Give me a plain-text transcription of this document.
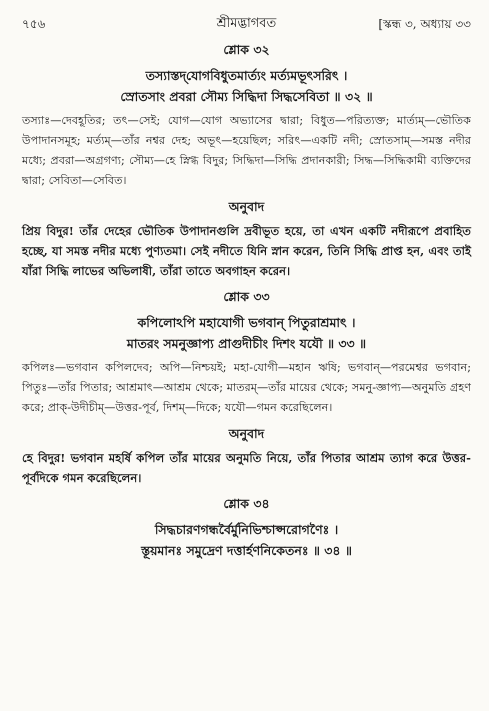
৭৫৬	শ্রীমদ্ভাগবত	[স্কন্ধ ৩, অধ্যায় ৩৩
শ্লোক ৩২
তস্যাস্তদ্‌যোগবিধুতমার্ত্যং মর্ত্যমভূৎসরিৎ ।
স্রোতসাং প্রবরা সৌম্য সিদ্ধিদা সিদ্ধসেবিতা ॥ ৩২ ॥
তস্যাঃ—দেবহূতির; তৎ—সেই; যোগ—যোগ অভ্যাসের দ্বারা; বিধুত—পরিত্যক্ত; মার্ত্যম্—ভৌতিক উপাদানসমূহ; মর্ত্যম্—তাঁর নশ্বর দেহ; অভূৎ—হয়েছিল; সরিৎ—একটি নদী; স্রোতসাম্—সমস্ত নদীর মধ্যে; প্রবরা—অগ্রগণ্য; সৌম্য—হে স্নিগ্ধ বিদুর; সিদ্ধিদা—সিদ্ধি প্রদানকারী; সিদ্ধ—সিদ্ধিকামী ব্যক্তিদের দ্বারা; সেবিতা—সেবিত।
অনুবাদ
প্রিয় বিদুর! তাঁর দেহের ভৌতিক উপাদানগুলি দ্রবীভূত হয়ে, তা এখন একটি নদীরূপে প্রবাহিত হচ্ছে, যা সমস্ত নদীর মধ্যে পুণ্যতমা। সেই নদীতে যিনি স্নান করেন, তিনি সিদ্ধি প্রাপ্ত হন, এবং তাই যাঁরা সিদ্ধি লাভের অভিলাষী, তাঁরা তাতে অবগাহন করেন।
শ্লোক ৩৩
কপিলোঽপি মহাযোগী ভগবান্ পিতুরাশ্রমাৎ ।
মাতরং সমনুজ্ঞাপ্য প্রাগুদীচীং দিশং যযৌ ॥ ৩৩ ॥
কপিলঃ—ভগবান কপিলদেব; অপি—নিশ্চয়ই; মহা-যোগী—মহান ঋষি; ভগবান্—পরমেশ্বর ভগবান; পিতুঃ—তাঁর পিতার; আশ্রমাৎ—আশ্রম থেকে; মাতরম্—তাঁর মায়ের থেকে; সমনু-জ্ঞাপ্য—অনুমতি গ্রহণ করে; প্রাক্-উদীচীম্—উত্তর-পূর্ব, দিশম্—দিকে; যযৌ—গমন করেছিলেন।
অনুবাদ
হে বিদুর! ভগবান মহর্ষি কপিল তাঁর মায়ের অনুমতি নিয়ে, তাঁর পিতার আশ্রম ত্যাগ করে উত্তর-পূর্বদিকে গমন করেছিলেন।
শ্লোক ৩৪
সিদ্ধচারণগন্ধর্বৈর্মুনিভিশ্চাপ্সরোগণৈঃ ।
স্তূয়মানঃ সমুদ্রেণ দত্তার্হণনিকেতনঃ ॥ ৩৪ ॥
